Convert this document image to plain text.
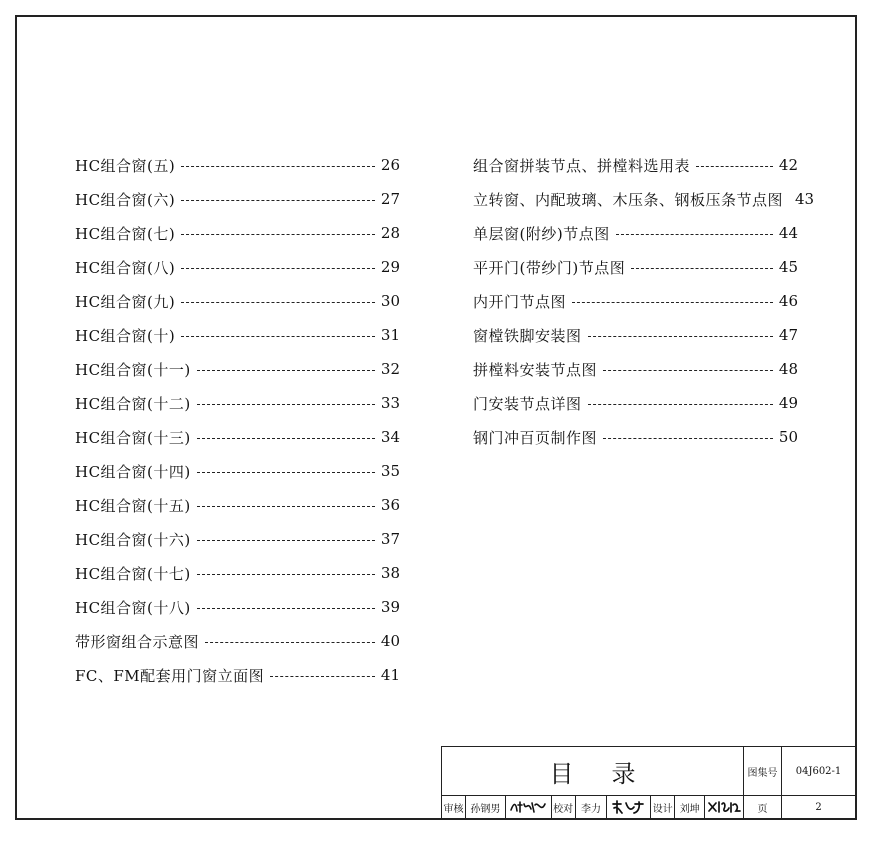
HC组合窗(五)	26
HC组合窗(六)	27
HC组合窗(七)	28
HC组合窗(八)	29
HC组合窗(九)	30
HC组合窗(十)	31
HC组合窗(十一)	32
HC组合窗(十二)	33
HC组合窗(十三)	34
HC组合窗(十四)	35
HC组合窗(十五)	36
HC组合窗(十六)	37
HC组合窗(十七)	38
HC组合窗(十八)	39
带形窗组合示意图	40
FC、FM配套用门窗立面图	41
组合窗拼装节点、拼樘料选用表	42
立转窗、内配玻璃、木压条、钢板压条节点图 43
单层窗(附纱)节点图	44
平开门(带纱门)节点图	45
内开门节点图	46
窗樘铁脚安装图	47
拼樘料安装节点图	48
门安装节点详图	49
钢门冲百页制作图	50
目录	图集号	04J602-1
页	2
审核 孙钢男	校对 李力	设计 刘坤
